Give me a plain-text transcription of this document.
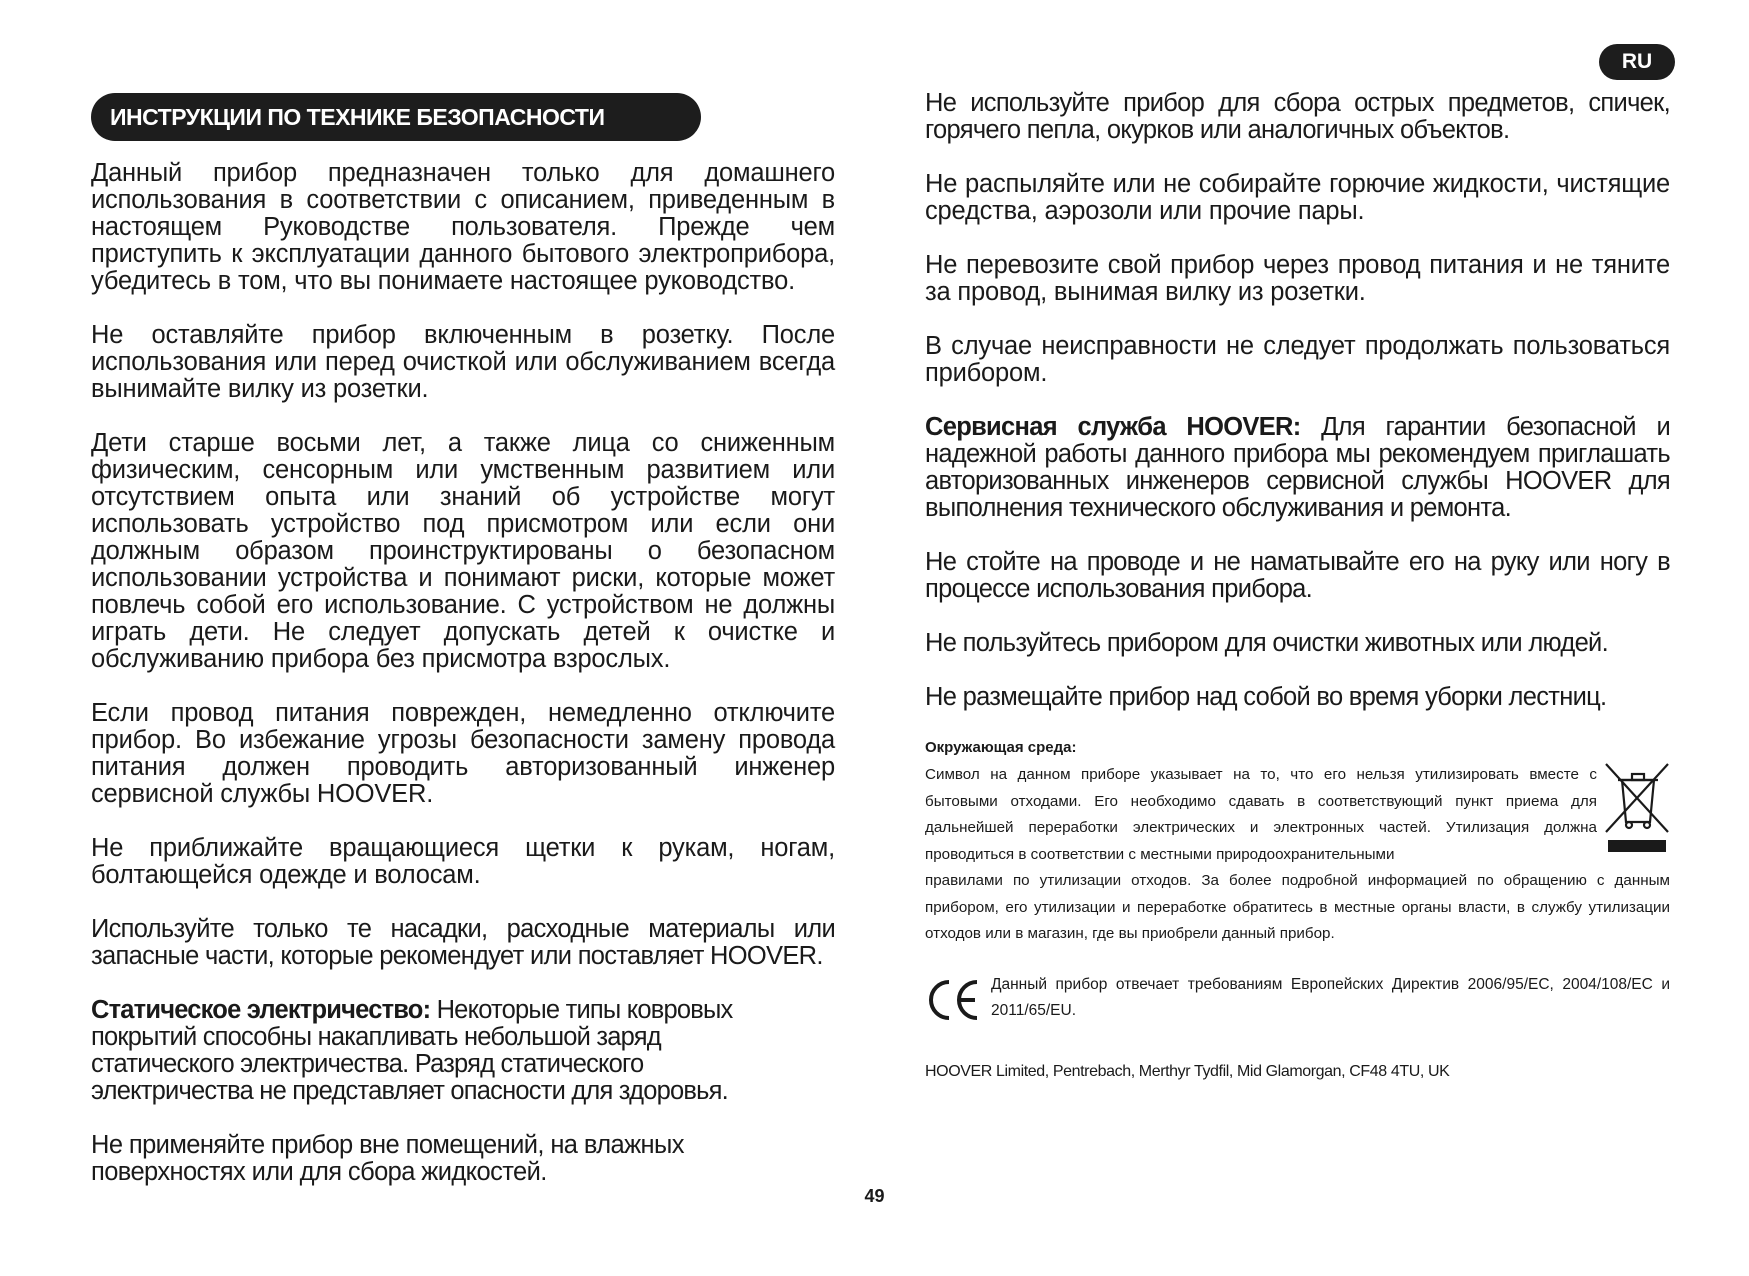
RU
ИНСТРУКЦИИ ПО ТЕХНИКЕ БЕЗОПАСНОСТИ

Данный прибор предназначен только для домашнего использования в соответствии с описанием, приведенным в настоящем Руководстве пользователя. Прежде чем приступить к эксплуатации данного бытового электроприбора, убедитесь в том, что вы понимаете настоящее руководство.

Не оставляйте прибор включенным в розетку. После использования или перед очисткой или обслуживанием всегда вынимайте вилку из розетки.

Дети старше восьми лет, а также лица со сниженным физическим, сенсорным или умственным развитием или отсутствием опыта или знаний об устройстве могут использовать устройство под присмотром или если они должным образом проинструктированы о безопасном использовании устройства и понимают риски, которые может повлечь собой его использование. С устройством не должны играть дети. Не следует допускать детей к очистке и обслуживанию прибора без присмотра взрослых.

Если провод питания поврежден, немедленно отключите прибор. Во избежание угрозы безопасности замену провода питания должен проводить авторизованный инженер сервисной службы HOOVER.

Не приближайте вращающиеся щетки к рукам, ногам, болтающейся одежде и волосам.

Используйте только те насадки, расходные материалы или запасные части, которые рекомендует или поставляет HOOVER.

Статическое электричество: Некоторые типы ковровых покрытий способны накапливать небольшой заряд статического электричества. Разряд статического электричества не представляет опасности для здоровья.

Не применяйте прибор вне помещений, на влажных поверхностях или для сбора жидкостей.

Не используйте прибор для сбора острых предметов, спичек, горячего пепла, окурков или аналогичных объектов.

Не распыляйте или не собирайте горючие жидкости, чистящие средства, аэрозоли или прочие пары.

Не перевозите свой прибор через провод питания и не тяните за провод, вынимая вилку из розетки.

В случае неисправности не следует продолжать пользоваться прибором.

Сервисная служба HOOVER: Для гарантии безопасной и надежной работы данного прибора мы рекомендуем приглашать авторизованных инженеров сервисной службы HOOVER для выполнения технического обслуживания и ремонта.

Не стойте на проводе и не наматывайте его на руку или ногу в процессе использования прибора.

Не пользуйтесь прибором для очистки животных или людей.

Не размещайте прибор над собой во время уборки лестниц.

Окружающая среда:

Символ на данном приборе указывает на то, что его нельзя утилизировать вместе с бытовыми отходами. Его необходимо сдавать в соответствующий пункт приема для дальнейшей переработки электрических и электронных частей. Утилизация должна проводиться в соответствии с местными природоохранительными
правилами по утилизации отходов. За более подробной информацией по обращению с данным прибором, его утилизации и переработке обратитесь в местные органы власти, в службу утилизации отходов или в магазин, где вы приобрели данный прибор.

Данный прибор отвечает требованиям Европейских Директив 2006/95/EC, 2004/108/EC и 2011/65/EU.

HOOVER Limited, Pentrebach, Merthyr Tydfil, Mid Glamorgan, CF48 4TU, UK
49
